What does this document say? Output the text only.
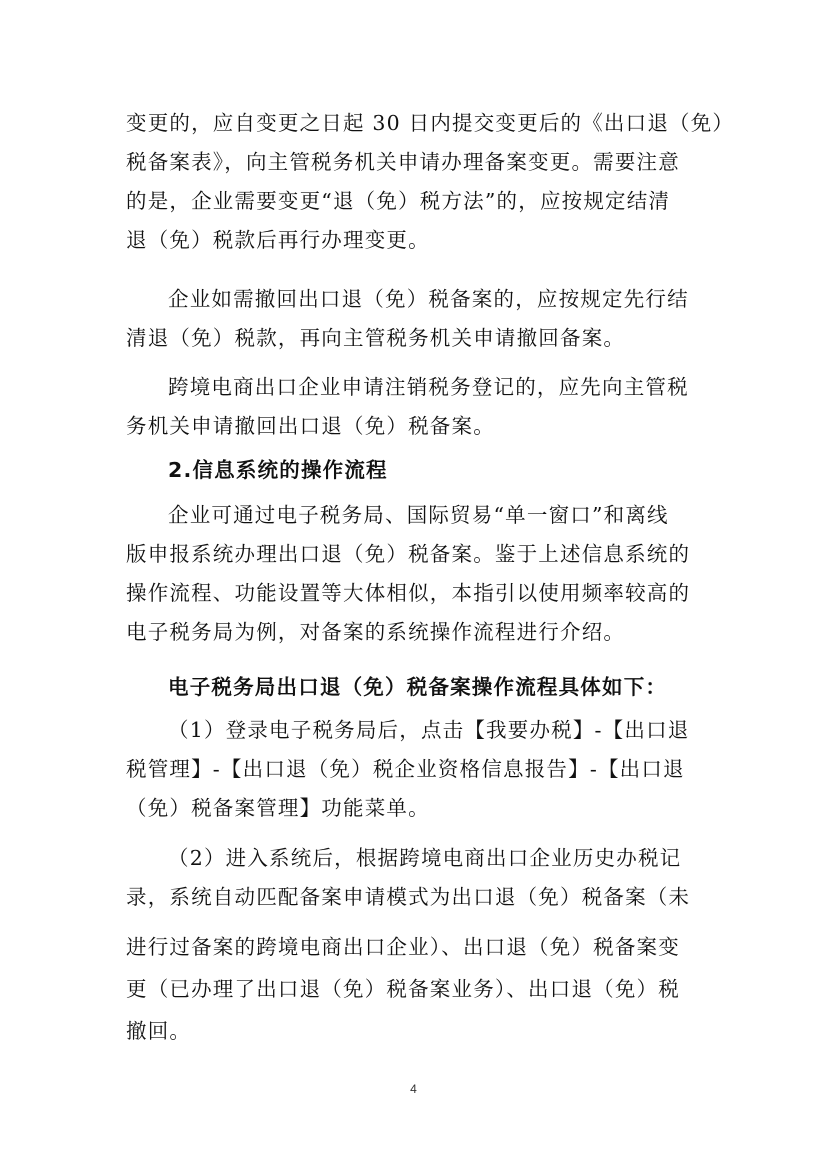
变更的，应自变更之日起 30 日内提交变更后的《出口退（免）
税备案表》，向主管税务机关申请办理备案变更。需要注意
的是，企业需要变更“退（免）税方法”的，应按规定结清
退（免）税款后再行办理变更。
企业如需撤回出口退（免）税备案的，应按规定先行结
清退（免）税款，再向主管税务机关申请撤回备案。
跨境电商出口企业申请注销税务登记的，应先向主管税
务机关申请撤回出口退（免）税备案。
2.信息系统的操作流程
企业可通过电子税务局、国际贸易“单一窗口”和离线
版申报系统办理出口退（免）税备案。鉴于上述信息系统的
操作流程、功能设置等大体相似，本指引以使用频率较高的
电子税务局为例，对备案的系统操作流程进行介绍。
电子税务局出口退（免）税备案操作流程具体如下：
（1）登录电子税务局后，点击【我要办税】-【出口退
税管理】-【出口退（免）税企业资格信息报告】-【出口退
（免）税备案管理】功能菜单。
（2）进入系统后，根据跨境电商出口企业历史办税记
录，系统自动匹配备案申请模式为出口退（免）税备案（未
进行过备案的跨境电商出口企业）、出口退（免）税备案变
更（已办理了出口退（免）税备案业务）、出口退（免）税
撤回。
4
